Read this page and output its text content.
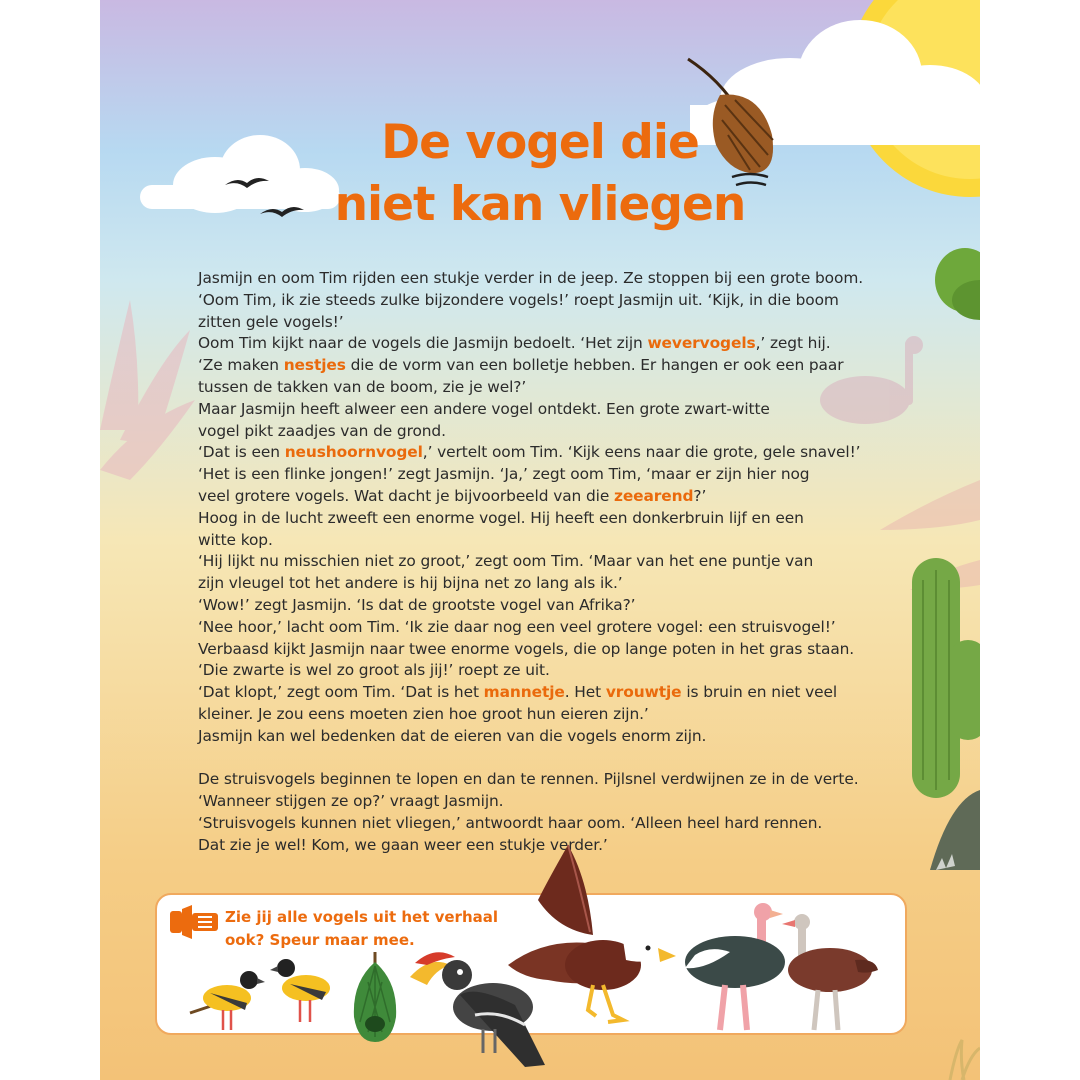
De vogel die
niet kan vliegen

Jasmijn en oom Tim rijden een stukje verder in de jeep. Ze stoppen bij een grote boom.

‘Oom Tim, ik zie steeds zulke bijzondere vogels!’ roept Jasmijn uit. ‘Kijk, in die boom

zitten gele vogels!’

Oom Tim kijkt naar de vogels die Jasmijn bedoelt. ‘Het zijn wevervogels,’ zegt hij.

‘Ze maken nestjes die de vorm van een bolletje hebben. Er hangen er ook een paar

tussen de takken van de boom, zie je wel?’

Maar Jasmijn heeft alweer een andere vogel ontdekt. Een grote zwart-witte

vogel pikt zaadjes van de grond.

‘Dat is een neushoornvogel,’ vertelt oom Tim. ‘Kijk eens naar die grote, gele snavel!’

‘Het is een flinke jongen!’ zegt Jasmijn. ‘Ja,’ zegt oom Tim, ‘maar er zijn hier nog

veel grotere vogels. Wat dacht je bijvoorbeeld van die zeearend?’

Hoog in de lucht zweeft een enorme vogel. Hij heeft een donkerbruin lijf en een

witte kop.

‘Hij lijkt nu misschien niet zo groot,’ zegt oom Tim. ‘Maar van het ene puntje van

zijn vleugel tot het andere is hij bijna net zo lang als ik.’

‘Wow!’ zegt Jasmijn. ‘Is dat de grootste vogel van Afrika?’

‘Nee hoor,’ lacht oom Tim. ‘Ik zie daar nog een veel grotere vogel: een struisvogel!’

Verbaasd kijkt Jasmijn naar twee enorme vogels, die op lange poten in het gras staan.

‘Die zwarte is wel zo groot als jij!’ roept ze uit.

‘Dat klopt,’ zegt oom Tim. ‘Dat is het mannetje. Het vrouwtje is bruin en niet veel

kleiner. Je zou eens moeten zien hoe groot hun eieren zijn.’

Jasmijn kan wel bedenken dat de eieren van die vogels enorm zijn.

De struisvogels beginnen te lopen en dan te rennen. Pijlsnel verdwijnen ze in de verte.

‘Wanneer stijgen ze op?’ vraagt Jasmijn.

‘Struisvogels kunnen niet vliegen,’ antwoordt haar oom. ‘Alleen heel hard rennen.

Dat zie je wel! Kom, we gaan weer een stukje verder.’

Zie jij alle vogels uit het verhaal
ook? Speur maar mee.
